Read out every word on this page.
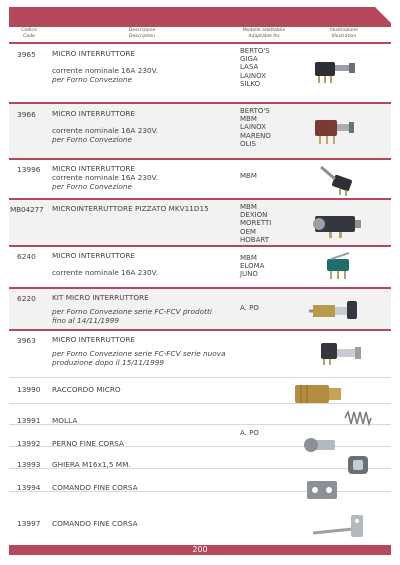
Codice
Code
Descrizione
Description
Modello adattabile
Adaptable for
Illustrazione
Illustration
3965 MICRO INTERRUTTORE
corrente nominale 16A 230V.
per Forno Convezione
BERTO'S
GIGA
LASA
LAINOX
SILKO
3966 MICRO INTERRUTTORE
corrente nominale 16A 230V.
per Forno Convezione
BERTO'S
MBM
LAINOX
MARENO
OLIS
13996 MICRO INTERRUTTORE
corrente nominale 16A 230V.
per Forno Convezione
MBM
MB04277 MICROINTERRUTTORE PIZZATO MKV11D15	MBM
DEXION
MORETTI
OEM
HOBART
6240 MICRO INTERRUTTORE
corrente nominale 16A 230V.
MBM
ELOMA
JUNO
6220 KIT MICRO INTERRUTTORE
per Forno Convezione serie FC-FCV prodotti
fino al 14/11/1999
A. PO
3963 MICRO INTERRUTTORE
per Forno Convezione serie FC-FCV serie nuova
produzione dopo il 15/11/1999
13990 RACCORDO MICRO
13991 MOLLA
13992 PERNO FINE CORSA
13993 GHIERA M16x1,5 MM.
13994 COMANDO FINE CORSA
13997 COMANDO FINE CORSA
A. PO
200
